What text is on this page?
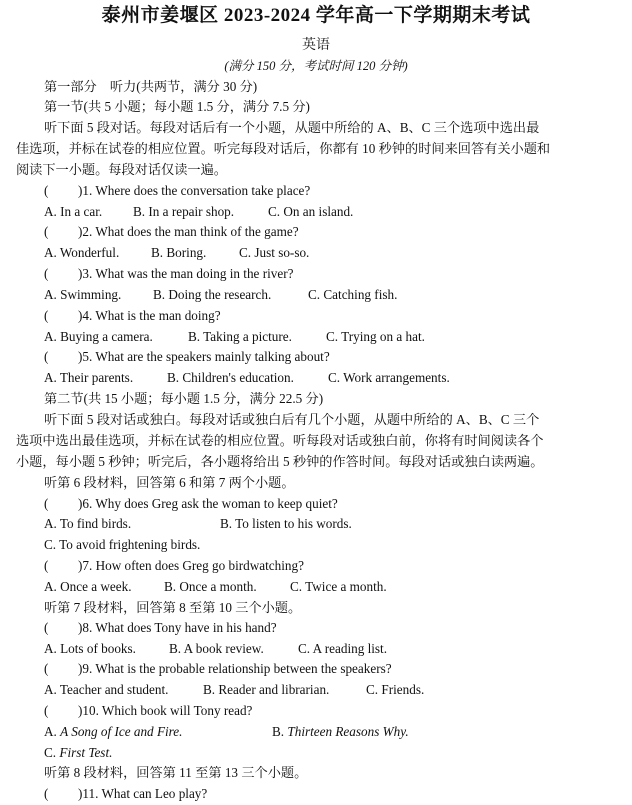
泰州市姜堰区 2023-2024 学年高一下学期期末考试
英语
(满分 150 分，考试时间 120 分钟)
第一部分　听力(共两节，满分 30 分)
第一节(共 5 小题；每小题 1.5 分，满分 7.5 分)
听下面 5 段对话。每段对话后有一个小题，从题中所给的 A、B、C 三个选项中选出最
佳选项，并标在试卷的相应位置。听完每段对话后，你都有 10 秒钟的时间来回答有关小题和
阅读下一小题。每段对话仅读一遍。
( )1. Where does the conversation take place?
A. In a car. B. In a repair shop.	C. On an island.
( )2. What does the man think of the game?
A. Wonderful. B. Boring. C. Just so-so.
( )3. What was the man doing in the river?
A. Swimming. B. Doing the research.	C. Catching fish.
( )4. What is the man doing?
A. Buying a camera.	B. Taking a picture.	C. Trying on a hat.
( )5. What are the speakers mainly talking about?
A. Their parents.	B. Children's education.	C. Work arrangements.
第二节(共 15 小题；每小题 1.5 分，满分 22.5 分)
听下面 5 段对话或独白。每段对话或独白后有几个小题，从题中所给的 A、B、C 三个
选项中选出最佳选项，并标在试卷的相应位置。听每段对话或独白前，你将有时间阅读各个
小题，每小题 5 秒钟；听完后，各小题将给出 5 秒钟的作答时间。每段对话或独白读两遍。
听第 6 段材料，回答第 6 和第 7 两个小题。
( )6. Why does Greg ask the woman to keep quiet?
A. To find birds.	B. To listen to his words.
C. To avoid frightening birds.
( )7. How often does Greg go birdwatching?
A. Once a week. B. Once a month.	C. Twice a month.
听第 7 段材料，回答第 8 至第 10 三个小题。
( )8. What does Tony have in his hand?
A. Lots of books.	B. A book review.	C. A reading list.
( )9. What is the probable relationship between the speakers?
A. Teacher and student.	B. Reader and librarian.	C. Friends.
( )10. Which book will Tony read?
A. A Song of Ice and Fire.	B. Thirteen Reasons Why.
C. First Test.
听第 8 段材料，回答第 11 至第 13 三个小题。
( )11. What can Leo play?
